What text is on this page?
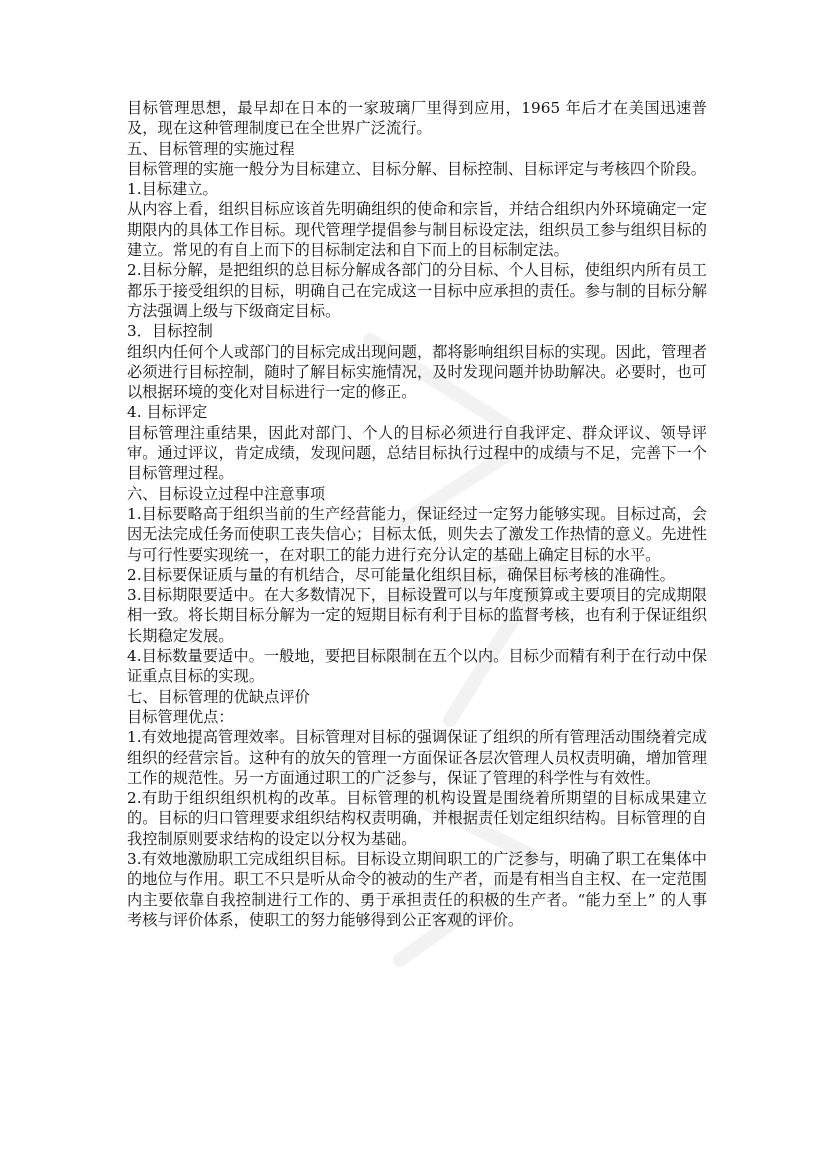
目标管理思想，最早却在日本的一家玻璃厂里得到应用，1965 年后才在美国迅速普及，现在这种管理制度已在全世界广泛流行。

五、目标管理的实施过程

目标管理的实施一般分为目标建立、目标分解、目标控制、目标评定与考核四个阶段。

1.目标建立。

从内容上看，组织目标应该首先明确组织的使命和宗旨，并结合组织内外环境确定一定期限内的具体工作目标。现代管理学提倡参与制目标设定法，组织员工参与组织目标的建立。常见的有自上而下的目标制定法和自下而上的目标制定法。

2.目标分解，是把组织的总目标分解成各部门的分目标、个人目标，使组织内所有员工都乐于接受组织的目标，明确自己在完成这一目标中应承担的责任。参与制的目标分解方法强调上级与下级商定目标。

3．目标控制

组织内任何个人或部门的目标完成出现问题，都将影响组织目标的实现。因此，管理者必须进行目标控制，随时了解目标实施情况，及时发现问题并协助解决。必要时，也可以根据环境的变化对目标进行一定的修正。

4. 目标评定

目标管理注重结果，因此对部门、个人的目标必须进行自我评定、群众评议、领导评审。通过评议，肯定成绩，发现问题，总结目标执行过程中的成绩与不足，完善下一个目标管理过程。

六、目标设立过程中注意事项

1.目标要略高于组织当前的生产经营能力，保证经过一定努力能够实现。目标过高，会因无法完成任务而使职工丧失信心；目标太低，则失去了激发工作热情的意义。先进性与可行性要实现统一，在对职工的能力进行充分认定的基础上确定目标的水平。

2.目标要保证质与量的有机结合，尽可能量化组织目标，确保目标考核的准确性。

3.目标期限要适中。在大多数情况下，目标设置可以与年度预算或主要项目的完成期限相一致。将长期目标分解为一定的短期目标有利于目标的监督考核，也有利于保证组织长期稳定发展。

4.目标数量要适中。一般地，要把目标限制在五个以内。目标少而精有利于在行动中保证重点目标的实现。

七、目标管理的优缺点评价

目标管理优点：

1.有效地提高管理效率。目标管理对目标的强调保证了组织的所有管理活动围绕着完成组织的经营宗旨。这种有的放矢的管理一方面保证各层次管理人员权责明确，增加管理工作的规范性。另一方面通过职工的广泛参与，保证了管理的科学性与有效性。

2.有助于组织组织机构的改革。目标管理的机构设置是围绕着所期望的目标成果建立的。目标的归口管理要求组织结构权责明确，并根据责任划定组织结构。目标管理的自我控制原则要求结构的设定以分权为基础。

3.有效地激励职工完成组织目标。目标设立期间职工的广泛参与，明确了职工在集体中的地位与作用。职工不只是听从命令的被动的生产者，而是有相当自主权、在一定范围内主要依靠自我控制进行工作的、勇于承担责任的积极的生产者。“能力至上” 的人事考核与评价体系，使职工的努力能够得到公正客观的评价。
